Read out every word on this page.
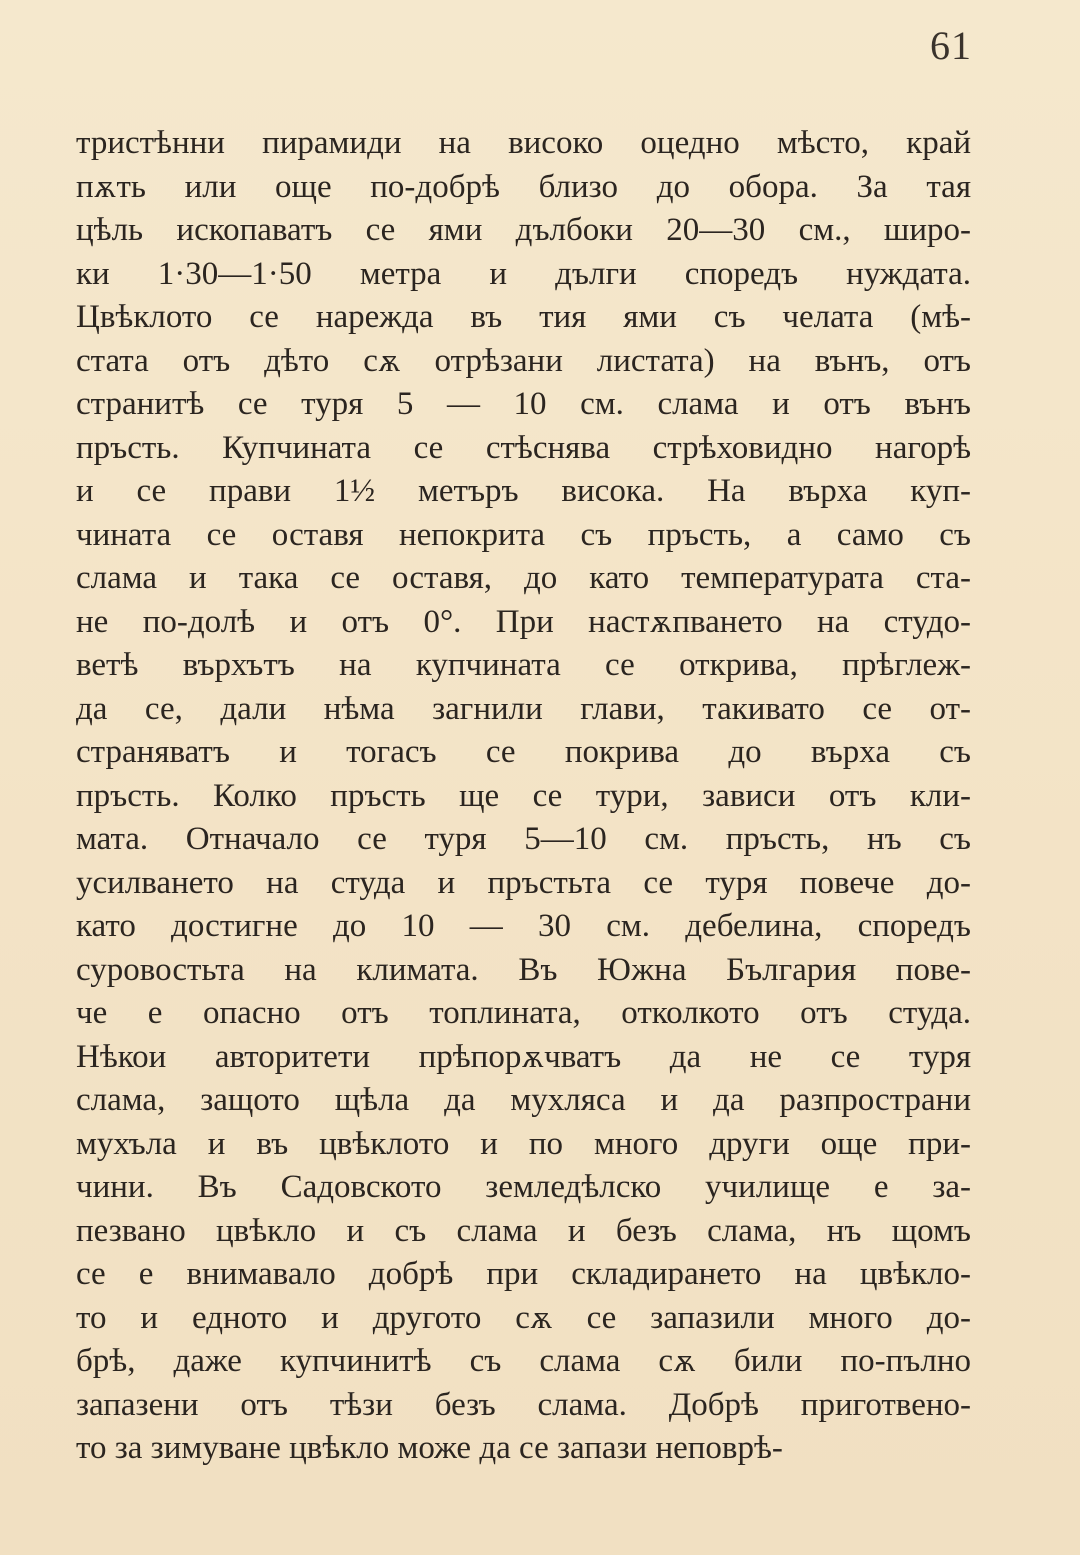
61
тристѣнни пирамиди на високо оцедно мѣсто, край
пѫть или още по-добрѣ близо до обора. За тая
цѣль ископаватъ се ями дълбоки 20—30 см., широ-
ки 1·30—1·50 метра и дълги споредъ нуждата.
Цвѣклото се нарежда въ тия ями съ челата (мѣ-
стата отъ дѣто сѫ отрѣзани листата) на вънъ, отъ
странитѣ се туря 5 — 10 см. слама и отъ вънъ
пръсть. Купчината се стѣснява стрѣховидно нагорѣ
и се прави 1½ метъръ висока. На върха куп-
чината се оставя непокрита съ пръсть, а само съ
слама и така се оставя, до като температурата ста-
не по-долѣ и отъ 0°. При настѫпването на студо-
ветѣ върхътъ на купчината се открива, прѣглеж-
да се, дали нѣма загнили глави, такивато се от-
страняватъ и тогасъ се покрива до върха съ
пръсть. Колко пръсть ще се тури, зависи отъ кли-
мата. Отначало се туря 5—10 см. пръсть, нъ съ
усилването на студа и пръстьта се туря повече до-
като достигне до 10 — 30 см. дебелина, споредъ
суровостьта на климата. Въ Южна България пове-
че е опасно отъ топлината, отколкото отъ студа.
Нѣкои авторитети прѣпорѫчватъ да не се туря
слама, защото щѣла да мухляса и да разпространи
мухъла и въ цвѣклото и по много други още при-
чини. Въ Садовското земледѣлско училище е за-
пезвано цвѣкло и съ слама и безъ слама, нъ щомъ
се е внимавало добрѣ при складирането на цвѣкло-
то и едното и другото сѫ се запазили много до-
брѣ, даже купчинитѣ съ слама сѫ били по-пълно
запазени отъ тѣзи безъ слама. Добрѣ приготвено-
то за зимуване цвѣкло може да се запази неповрѣ-
